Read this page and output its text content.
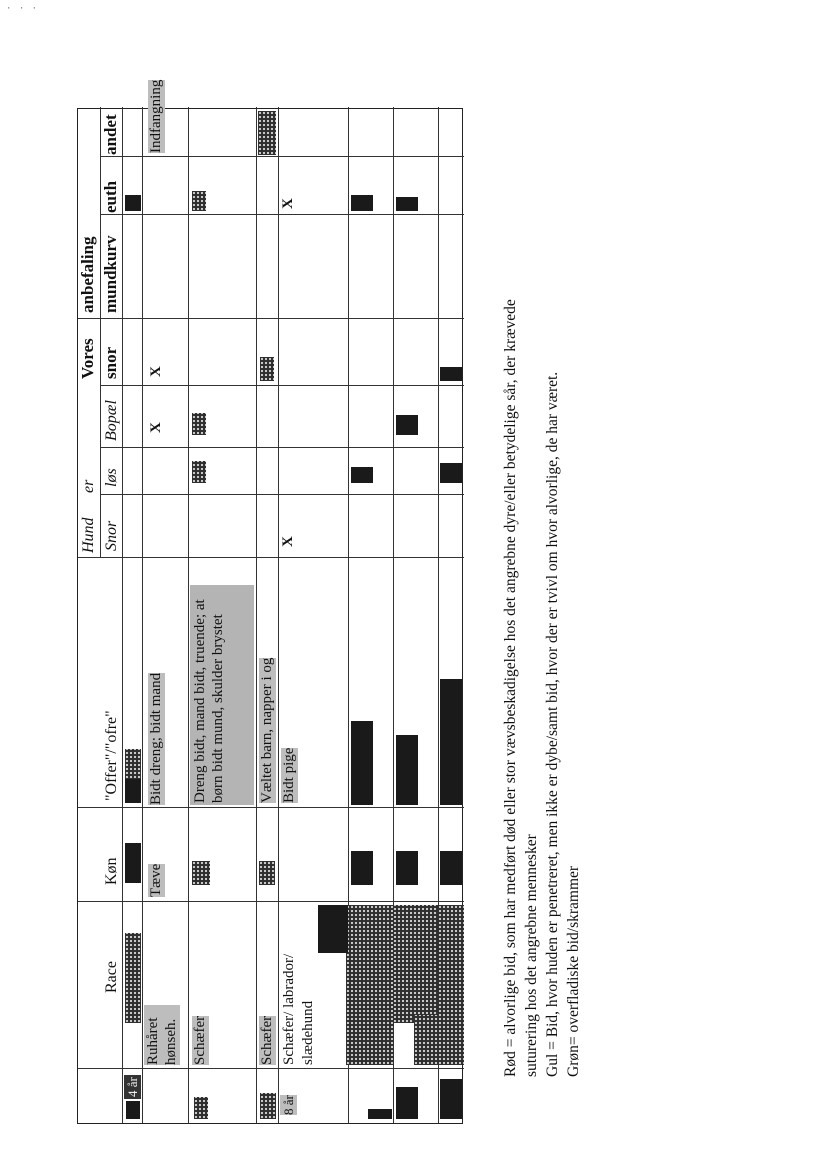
· · ·
Race
Køn
"Offer"/"ofre"
Hund
er
Snor
løs
Bopæl
Vores
anbefaling
snor
mundkurv
euth
andet
4 år
Ruhåret hønseh.
Tæve
Bidt dreng; bidt mand
X
X
Indfangning
Schæfer
Dreng bidt, mand bidt, truende; at børn bidt mund, skulder brystet
Schæfer
Væltet barn, napper i og
8 år
Schæfer/ labrador/ slædehund
Bidt pige
X
X
Rød = alvorlige bid, som har medført død eller stor vævsbeskadigelse hos det angrebne dyre/eller betydelige sår, der krævede suturering hos det angrebne mennesker Gul = Bid, hvor huden er penetreret, men ikke er dybe/samt bid, hvor der er tvivl om hvor alvorlige, de har været. Grøn= overfladiske bid/skrammer
